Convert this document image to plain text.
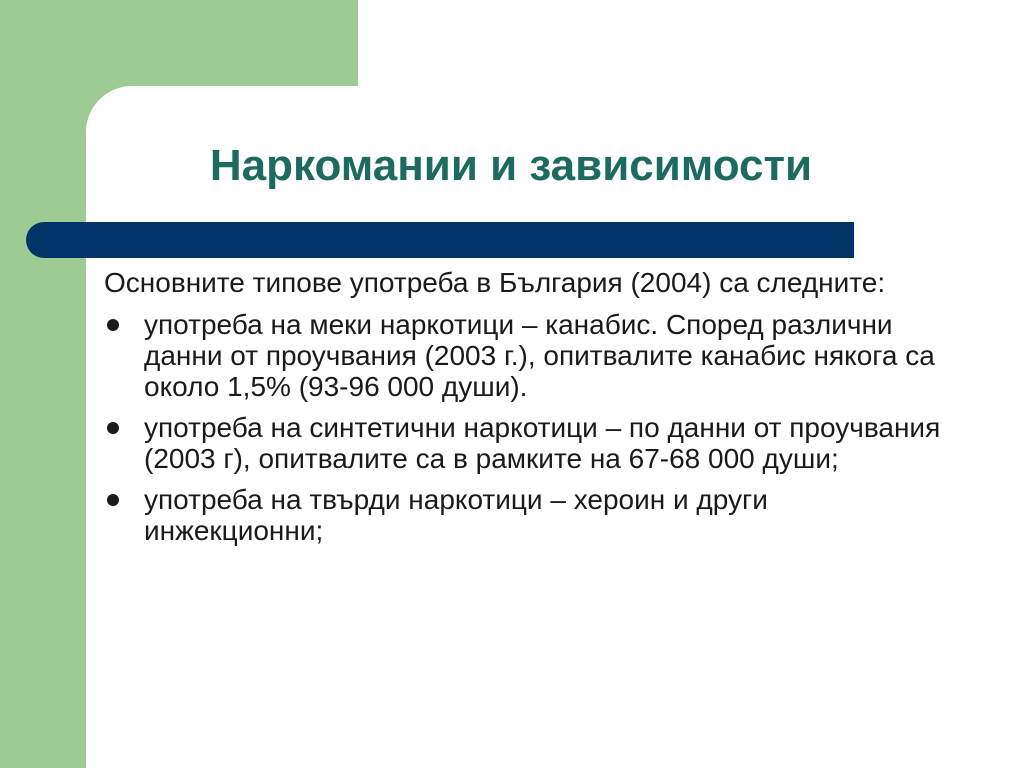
Наркомании и зависимости

Основните типове употреба в България (2004) са следните:

употреба на меки наркотици – канабис. Според различни данни от проучвания (2003 г.), опитвалите канабис някога са около 1,5% (93-96 000 души).
употреба на синтетични наркотици – по данни от проучвания (2003 г), опитвалите са в рамките на 67-68 000 души;
употреба на твърди наркотици – хероин и други инжекционни;
